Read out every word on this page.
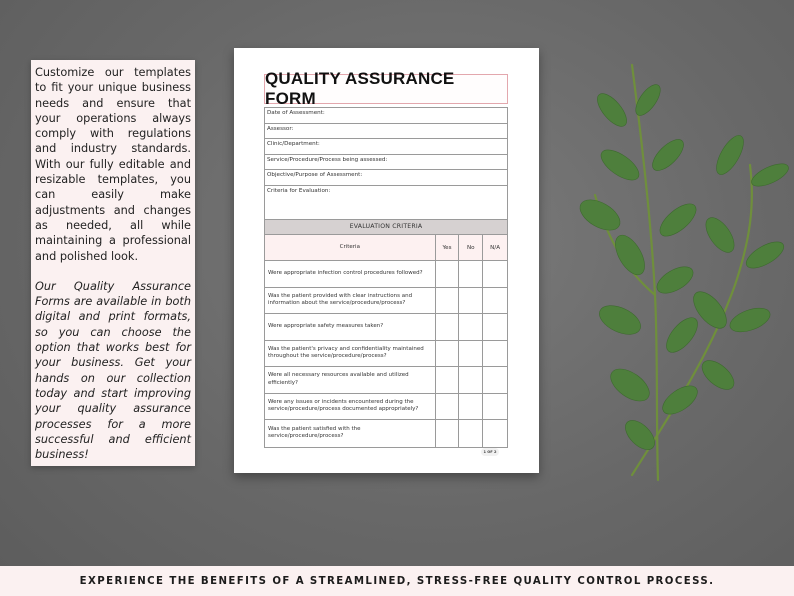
Customize our templates to fit your unique business needs and ensure that your operations always comply with regulations and industry standards. With our fully editable and resizable templates, you can easily make adjustments and changes as needed, all while maintaining a professional and polished look.

Our Quality Assurance Forms are available in both digital and print formats, so you can choose the option that works best for your business. Get your hands on our collection today and start improving your quality assurance processes for a more successful and efficient business!

QUALITY ASSURANCE FORM
Date of Assessment:
Assessor:
Clinic/Department:
Service/Procedure/Process being assessed:
Objective/Purpose of Assessment:
Criteria for Evaluation:
EVALUATION CRITERIA
Criteria	Yes	No	N/A
Were appropriate infection control procedures followed?
Was the patient provided with clear instructions and information about the service/procedure/process?
Were appropriate safety measures taken?
Was the patient's privacy and confidentiality maintained throughout the service/procedure/process?
Were all necessary resources available and utilized efficiently?
Were any issues or incidents encountered during the service/procedure/process documented appropriately?
Was the patient satisfied with the service/procedure/process?
1 OF 2
EXPERIENCE THE BENEFITS OF A STREAMLINED, STRESS-FREE QUALITY CONTROL PROCESS.
